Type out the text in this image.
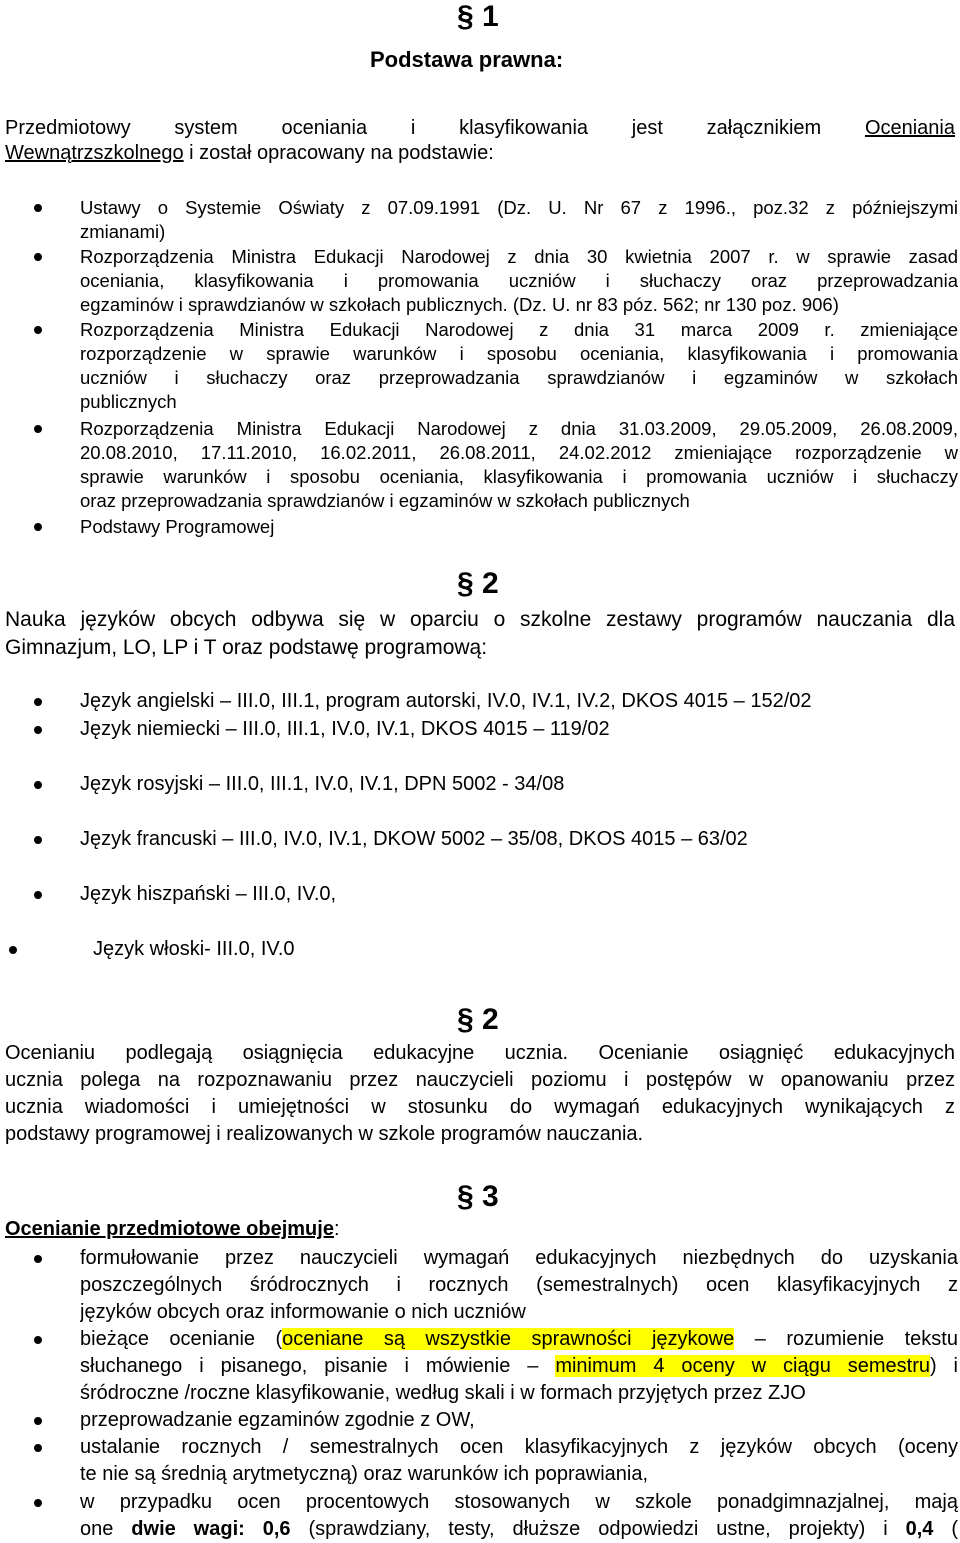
§ 1
Podstawa prawna:
Przedmiotowy system oceniania i klasyfikowania jest załącznikiem Oceniania
Wewnątrzszkolnego i został opracowany na podstawie:
Ustawy o Systemie Oświaty z 07.09.1991 (Dz. U. Nr 67 z 1996., poz.32 z późniejszymi
zmianami)
Rozporządzenia Ministra Edukacji Narodowej z dnia 30 kwietnia 2007 r. w sprawie zasad
oceniania, klasyfikowania i promowania uczniów i słuchaczy oraz przeprowadzania
egzaminów i sprawdzianów w szkołach publicznych. (Dz. U. nr 83 póz. 562; nr 130 poz. 906)
Rozporządzenia Ministra Edukacji Narodowej z dnia 31 marca 2009 r. zmieniające
rozporządzenie w sprawie warunków i sposobu oceniania, klasyfikowania i promowania
uczniów i słuchaczy oraz przeprowadzania sprawdzianów i egzaminów w szkołach
publicznych
Rozporządzenia Ministra Edukacji Narodowej z dnia 31.03.2009, 29.05.2009, 26.08.2009,
20.08.2010, 17.11.2010, 16.02.2011, 26.08.2011, 24.02.2012 zmieniające rozporządzenie w
sprawie warunków i sposobu oceniania, klasyfikowania i promowania uczniów i słuchaczy
oraz przeprowadzania sprawdzianów i egzaminów w szkołach publicznych
Podstawy Programowej
§ 2
Nauka języków obcych odbywa się w oparciu o szkolne zestawy programów nauczania dla
Gimnazjum, LO, LP i T oraz podstawę programową:
Język angielski – III.0, III.1, program autorski, IV.0, IV.1, IV.2, DKOS 4015 – 152/02
Język niemiecki – III.0, III.1, IV.0, IV.1, DKOS 4015 – 119/02
Język rosyjski – III.0, III.1, IV.0, IV.1, DPN 5002 - 34/08
Język francuski – III.0, IV.0, IV.1, DKOW 5002 – 35/08, DKOS 4015 – 63/02
Język hiszpański – III.0, IV.0,
Język włoski- III.0, IV.0
§ 2
Ocenianiu podlegają osiągnięcia edukacyjne ucznia. Ocenianie osiągnięć edukacyjnych
ucznia polega na rozpoznawaniu przez nauczycieli poziomu i postępów w opanowaniu przez
ucznia wiadomości i umiejętności w stosunku do wymagań edukacyjnych wynikających z
podstawy programowej i realizowanych w szkole programów nauczania.
§ 3
Ocenianie przedmiotowe obejmuje:
formułowanie przez nauczycieli wymagań edukacyjnych niezbędnych do uzyskania
poszczególnych śródrocznych i rocznych (semestralnych) ocen klasyfikacyjnych z
języków obcych oraz informowanie o nich uczniów
bieżące ocenianie (oceniane są wszystkie sprawności językowe – rozumienie tekstu
słuchanego i pisanego, pisanie i mówienie – minimum 4 oceny w ciągu semestru) i
śródroczne /roczne klasyfikowanie, według skali i w formach przyjętych przez ZJO
przeprowadzanie egzaminów zgodnie z OW,
ustalanie rocznych / semestralnych ocen klasyfikacyjnych z języków obcych (oceny
te nie są średnią arytmetyczną) oraz warunków ich poprawiania,
w przypadku ocen procentowych stosowanych w szkole ponadgimnazjalnej, mają
one dwie wagi: 0,6 (sprawdziany, testy, dłuższe odpowiedzi ustne, projekty) i 0,4 (
